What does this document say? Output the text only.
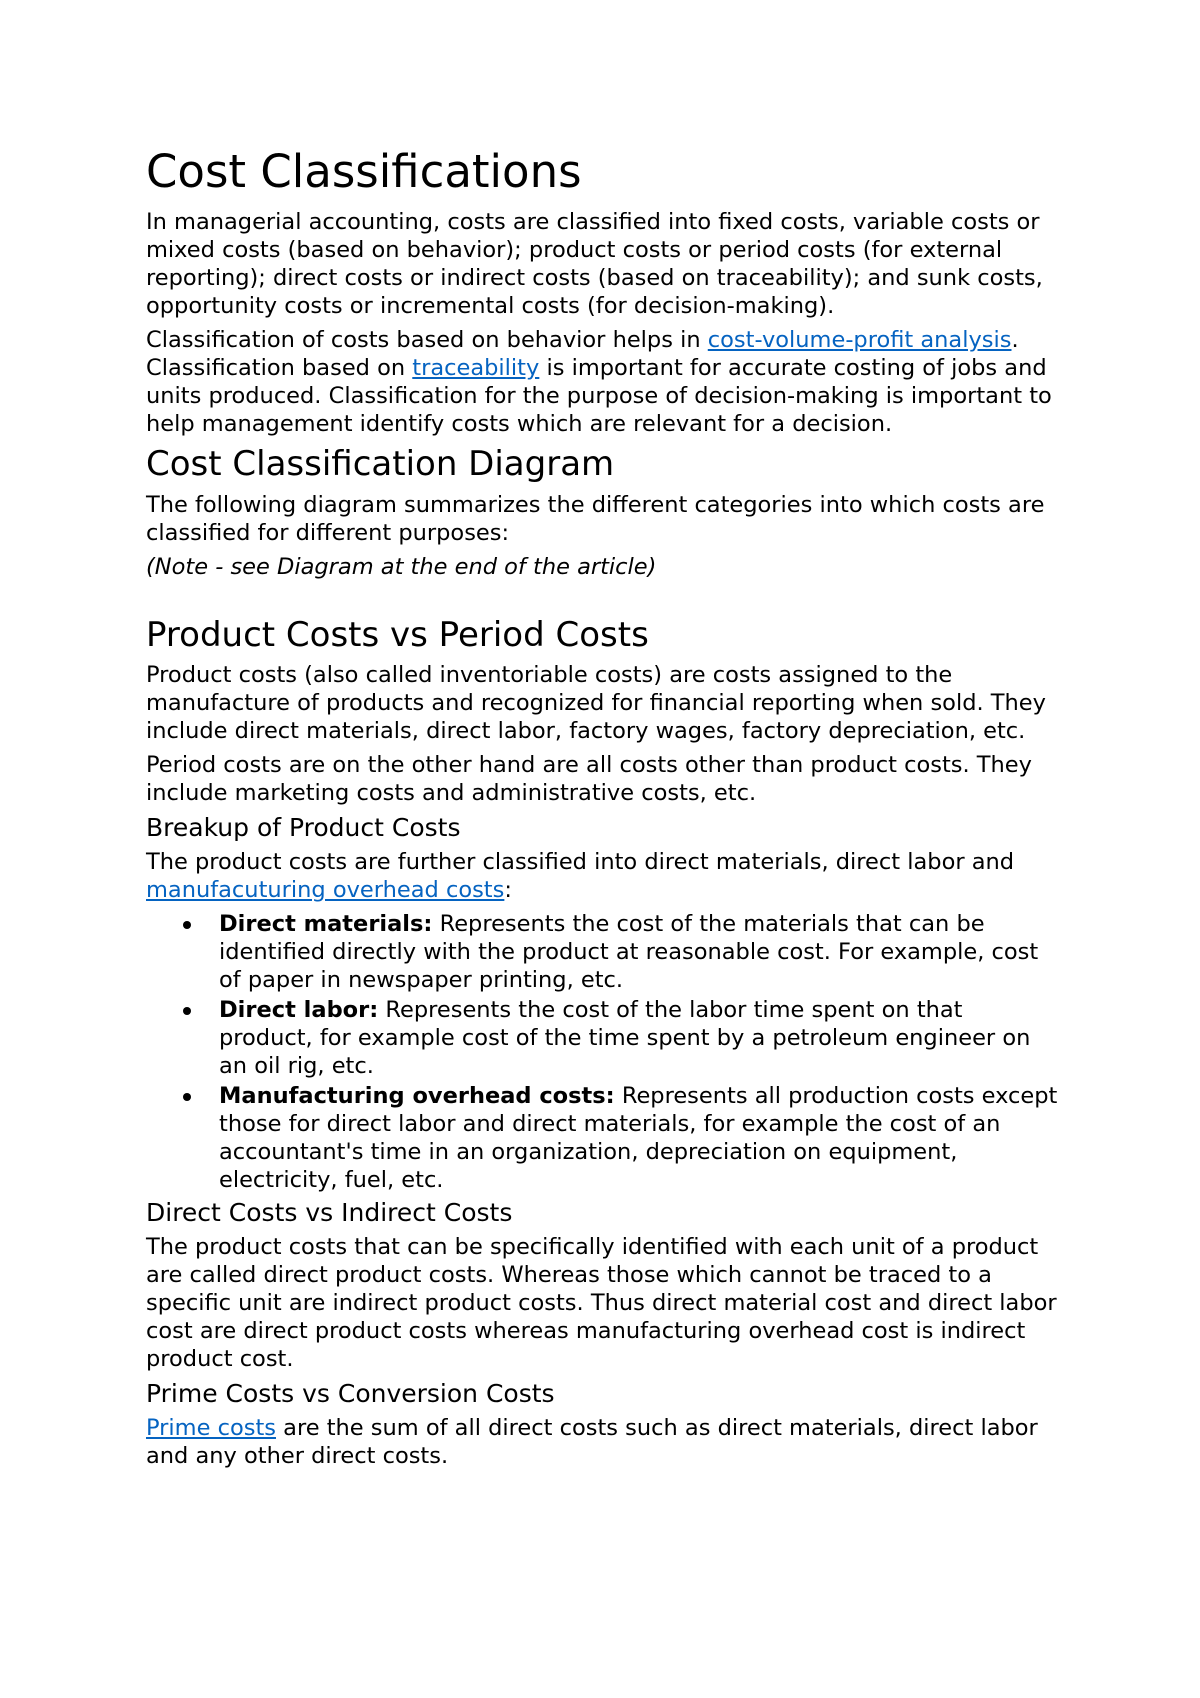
Cost Classifications

In managerial accounting, costs are classified into fixed costs, variable costs or mixed costs (based on behavior); product costs or period costs (for external reporting); direct costs or indirect costs (based on traceability); and sunk costs, opportunity costs or incremental costs (for decision-making).

Classification of costs based on behavior helps in cost-volume-profit analysis. Classification based on traceability is important for accurate costing of jobs and units produced. Classification for the purpose of decision-making is important to help management identify costs which are relevant for a decision.

Cost Classification Diagram

The following diagram summarizes the different categories into which costs are classified for different purposes:

(Note - see Diagram at the end of the article)

Product Costs vs Period Costs

Product costs (also called inventoriable costs) are costs assigned to the manufacture of products and recognized for financial reporting when sold. They include direct materials, direct labor, factory wages, factory depreciation, etc.

Period costs are on the other hand are all costs other than product costs. They include marketing costs and administrative costs, etc.

Breakup of Product Costs

The product costs are further classified into direct materials, direct labor and manufacuturing overhead costs:

Direct materials: Represents the cost of the materials that can be identified directly with the product at reasonable cost. For example, cost of paper in newspaper printing, etc.
Direct labor: Represents the cost of the labor time spent on that product, for example cost of the time spent by a petroleum engineer on an oil rig, etc.
Manufacturing overhead costs: Represents all production costs except those for direct labor and direct materials, for example the cost of an accountant's time in an organization, depreciation on equipment, electricity, fuel, etc.
Direct Costs vs Indirect Costs

The product costs that can be specifically identified with each unit of a product are called direct product costs. Whereas those which cannot be traced to a specific unit are indirect product costs. Thus direct material cost and direct labor cost are direct product costs whereas manufacturing overhead cost is indirect product cost.

Prime Costs vs Conversion Costs

Prime costs are the sum of all direct costs such as direct materials, direct labor and any other direct costs.
